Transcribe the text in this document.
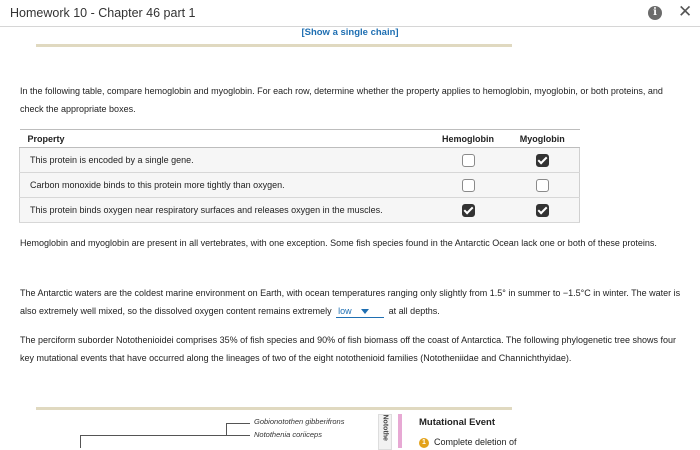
Homework 10 - Chapter 46 part 1	i ✕
[Show a single chain]
In the following table, compare hemoglobin and myoglobin. For each row, determine whether the property applies to hemoglobin, myoglobin, or both proteins, and check the appropriate boxes.
Property	Hemoglobin	Myoglobin
This protein is encoded by a single gene.		
Carbon monoxide binds to this protein more tightly than oxygen.		
This protein binds oxygen near respiratory surfaces and releases oxygen in the muscles.		
Hemoglobin and myoglobin are present in all vertebrates, with one exception. Some fish species found in the Antarctic Ocean lack one or both of these proteins.
The Antarctic waters are the coldest marine environment on Earth, with ocean temperatures ranging only slightly from 1.5° in summer to −1.5°C in winter. The water is also extremely well mixed, so the dissolved oxygen content remains extremely low	at all depths.
The perciform suborder Notothenioidei comprises 35% of fish species and 90% of fish biomass off the coast of Antarctica. The following phylogenetic tree shows four key mutational events that have occurred along the lineages of two of the eight notothenioid families (Nototheniidae and Channichthyidae).
Gobionotothen gibberifrons
Notothenia coriiceps	Notothe	Mutational Event
1 Complete deletion of
